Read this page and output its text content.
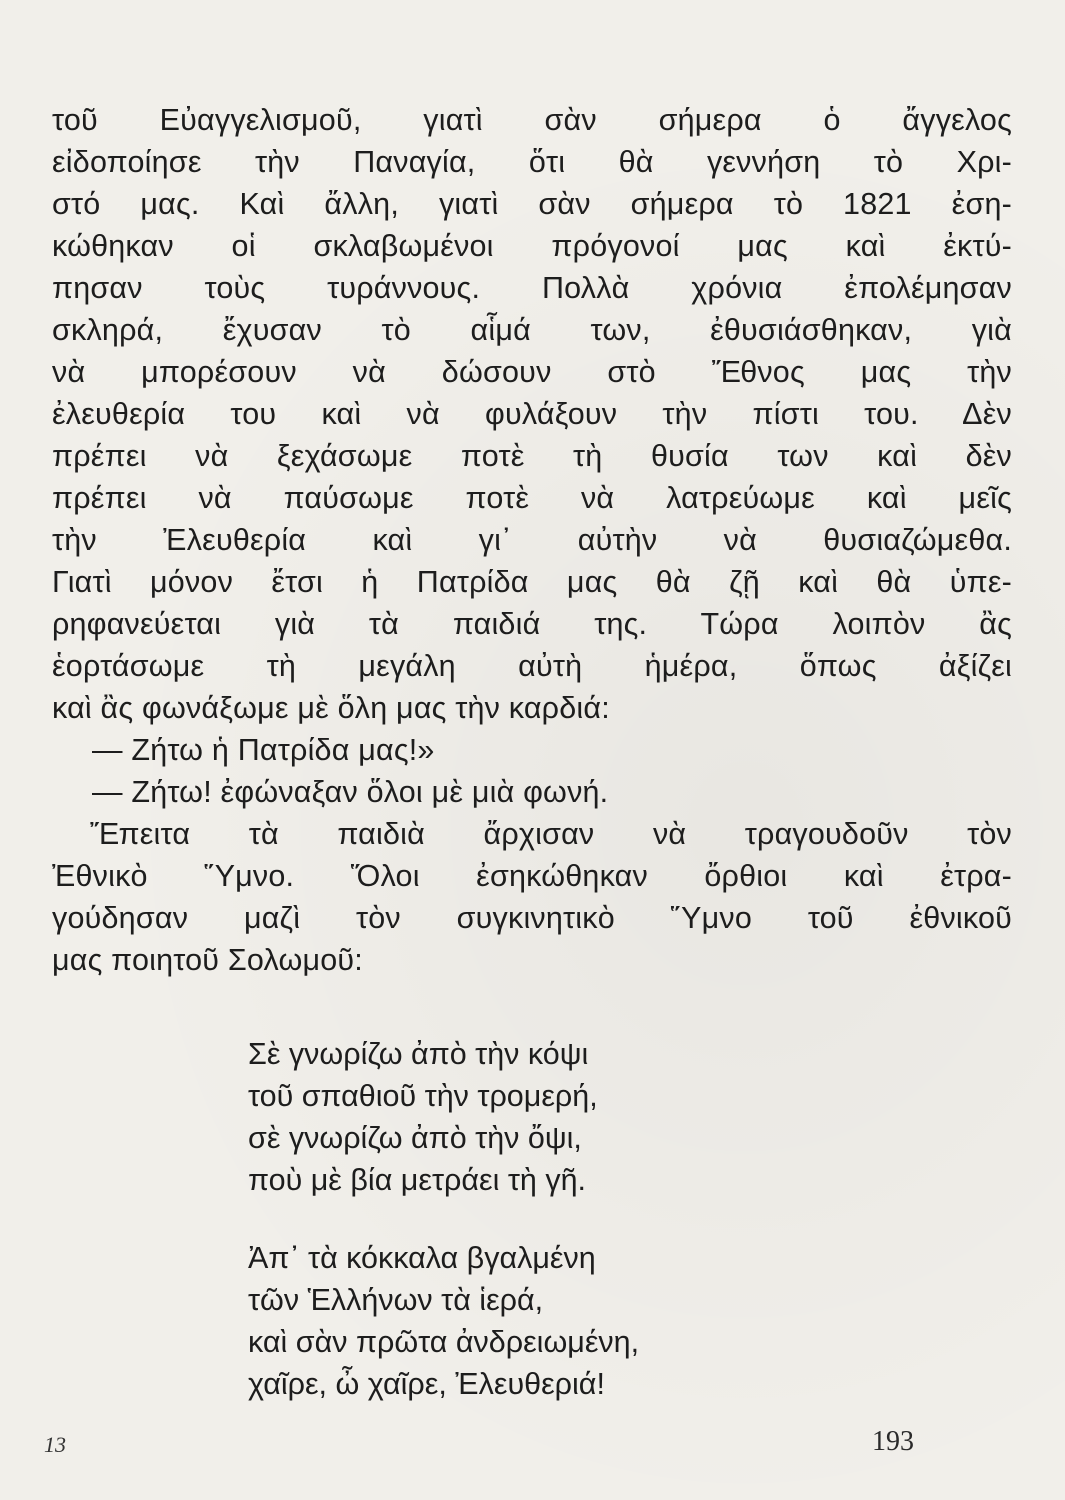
τοῦ Εὐαγγελισμοῦ, γιατὶ σὰν σήμερα ὁ ἄγγελος
εἰδοποίησε τὴν Παναγία, ὅτι θὰ γεννήση τὸ Χρι-
στό μας. Καὶ ἄλλη, γιατὶ σὰν σήμερα τὸ 1821 ἐση-
κώθηκαν οἱ σκλαβωμένοι πρόγονοί μας καὶ ἐκτύ-
πησαν τοὺς τυράννους. Πολλὰ χρόνια ἐπολέμησαν
σκληρά, ἔχυσαν τὸ αἷμά των, ἐθυσιάσθηκαν, γιὰ
νὰ μπορέσουν νὰ δώσουν στὸ Ἔθνος μας τὴν
ἐλευθερία του καὶ νὰ φυλάξουν τὴν πίστι του. Δὲν
πρέπει νὰ ξεχάσωμε ποτὲ τὴ θυσία των καὶ δὲν
πρέπει νὰ παύσωμε ποτὲ νὰ λατρεύωμε καὶ μεῖς
τὴν Ἐλευθερία καὶ γι᾽ αὐτὴν νὰ θυσιαζώμεθα.
Γιατὶ μόνον ἔτσι ἡ Πατρίδα μας θὰ ζῇ καὶ θὰ ὑπε-
ρηφανεύεται γιὰ τὰ παιδιά της. Τώρα λοιπὸν ἂς
ἑορτάσωμε τὴ μεγάλη αὐτὴ ἡμέρα, ὅπως ἀξίζει
καὶ ἂς φωνάξωμε μὲ ὅλη μας τὴν καρδιά:
— Ζήτω ἡ Πατρίδα μας!»
— Ζήτω! ἐφώναξαν ὅλοι μὲ μιὰ φωνή.
Ἔπειτα τὰ παιδιὰ ἄρχισαν νὰ τραγουδοῦν τὸν
Ἐθνικὸ Ὕμνο. Ὅλοι ἐσηκώθηκαν ὄρθιοι καὶ ἐτρα-
γούδησαν μαζὶ τὸν συγκινητικὸ Ὕμνο τοῦ ἐθνικοῦ
μας ποιητοῦ Σολωμοῦ:
Σὲ γνωρίζω ἀπὸ τὴν κόψι
τοῦ σπαθιοῦ τὴν τρομερή,
σὲ γνωρίζω ἀπὸ τὴν ὄψι,
ποὺ μὲ βία μετράει τὴ γῆ.
Ἀπ᾽ τὰ κόκκαλα βγαλμένη
τῶν Ἑλλήνων τὰ ἱερά,
καὶ σὰν πρῶτα ἀνδρειωμένη,
χαῖρε, ὦ χαῖρε, Ἐλευθεριά!
13	193
